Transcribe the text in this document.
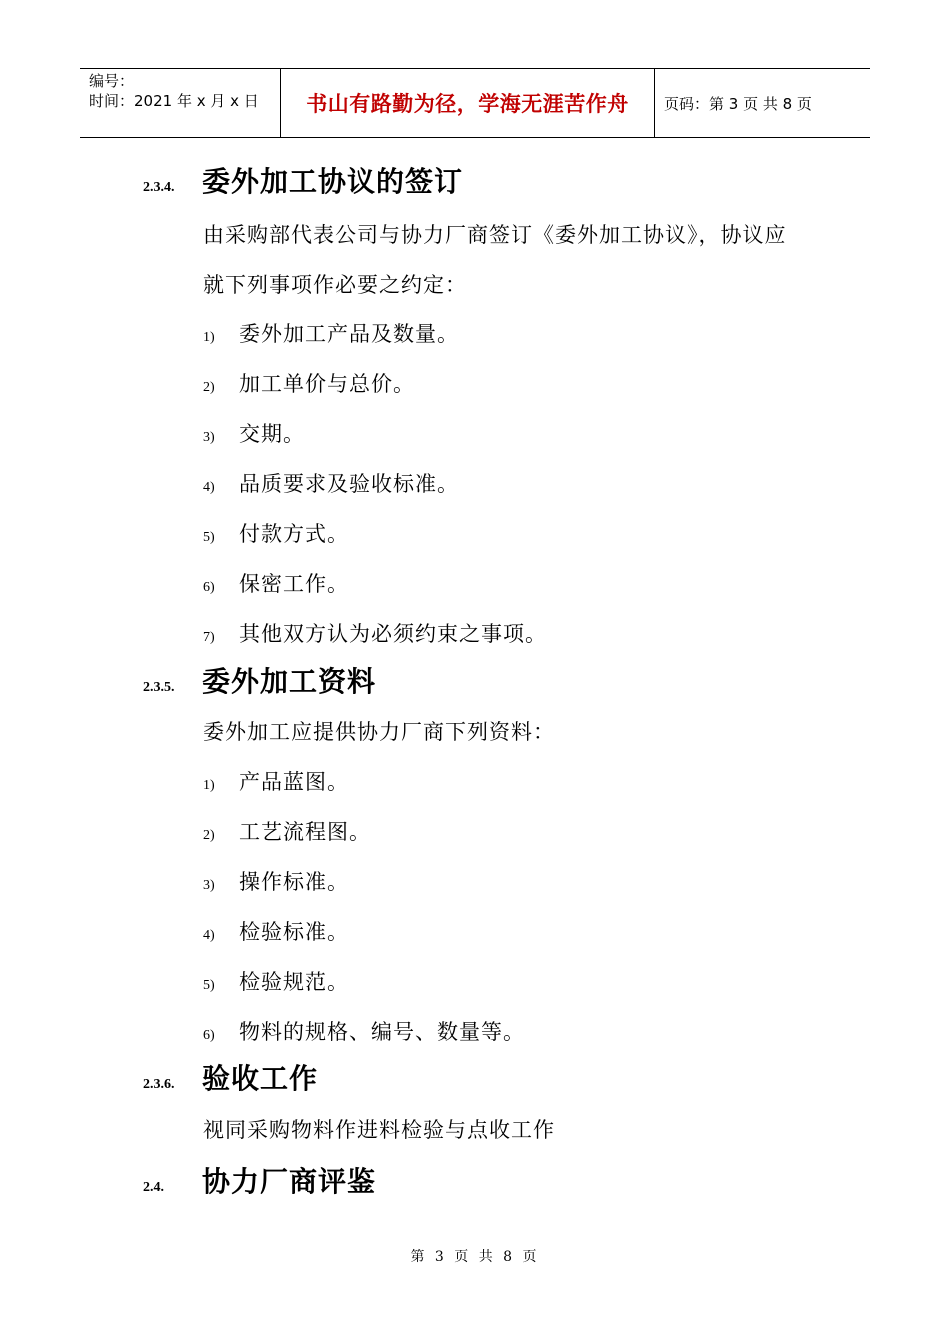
编号：
时间：2021 年 x 月 x 日	书山有路勤为径，学海无涯苦作舟 页码：第 3 页 共 8 页
2.3.4. 委外加工协议的签订
由采购部代表公司与协力厂商签订《委外加工协议》，协议应
就下列事项作必要之约定：
1) 委外加工产品及数量。
2) 加工单价与总价。
3) 交期。
4) 品质要求及验收标准。
5) 付款方式。
6) 保密工作。
7) 其他双方认为必须约束之事项。
2.3.5. 委外加工资料
委外加工应提供协力厂商下列资料：
1) 产品蓝图。
2) 工艺流程图。
3) 操作标准。
4) 检验标准。
5) 检验规范。
6) 物料的规格、编号、数量等。
2.3.6. 验收工作
视同采购物料作进料检验与点收工作
2.4. 协力厂商评鉴
第 3 页 共 8 页
